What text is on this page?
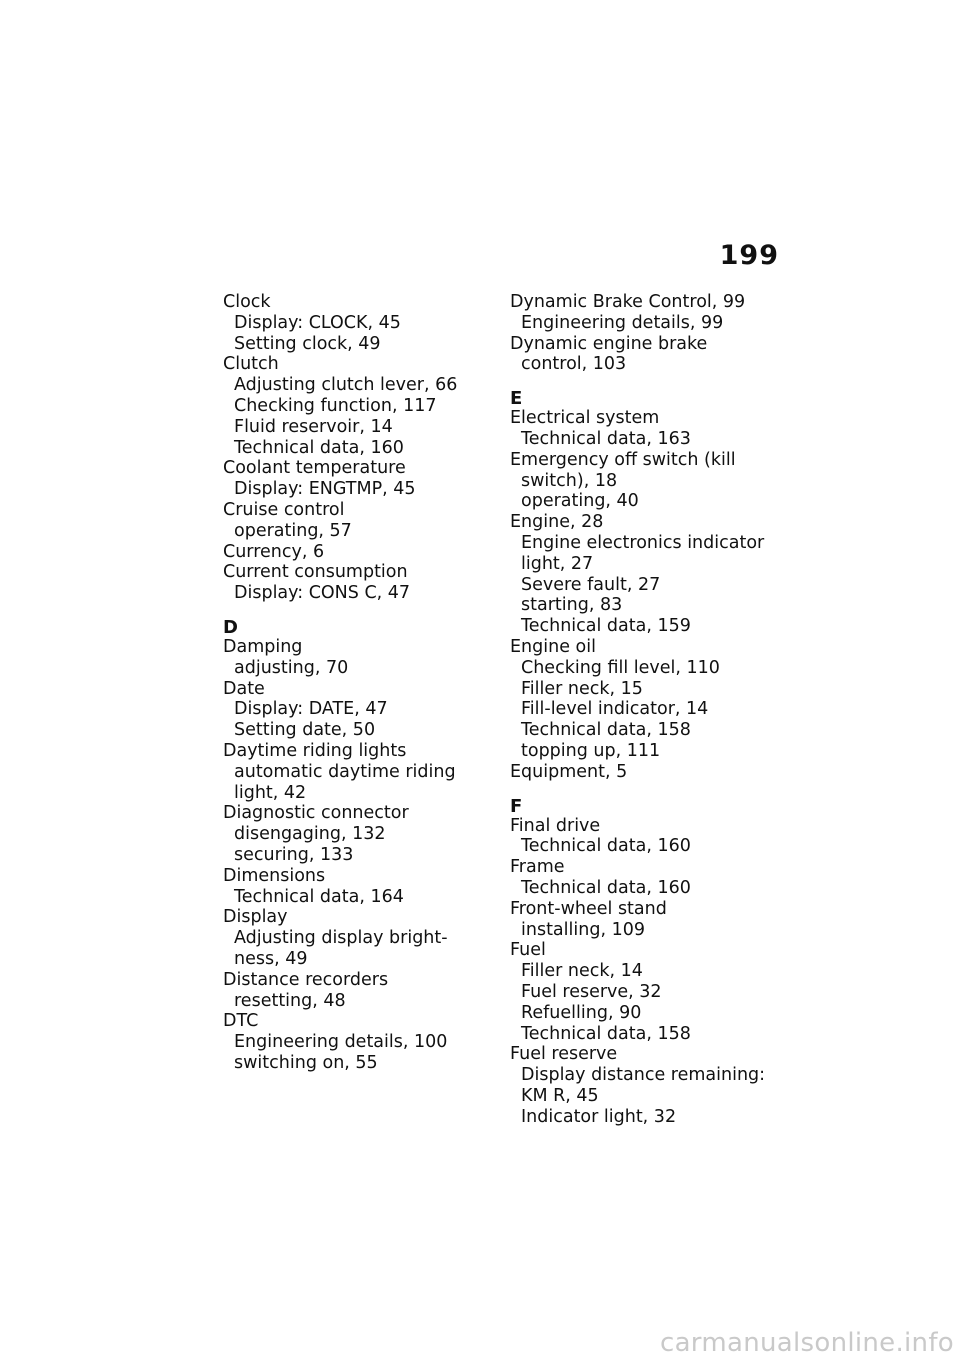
199
Clock
Display: CLOCK, 45
Setting clock, 49
Clutch
Adjusting clutch lever, 66
Checking function, 117
Fluid reservoir, 14
Technical data, 160
Coolant temperature
Display: ENGTMP, 45
Cruise control
operating, 57
Currency, 6
Current consumption
Display: CONS C, 47
D
Damping
adjusting, 70
Date
Display: DATE, 47
Setting date, 50
Daytime riding lights
automatic daytime riding
light, 42
Diagnostic connector
disengaging, 132
securing, 133
Dimensions
Technical data, 164
Display
Adjusting display bright-
ness, 49
Distance recorders
resetting, 48
DTC
Engineering details, 100
switching on, 55
Dynamic Brake Control, 99
Engineering details, 99
Dynamic engine brake
control, 103
E
Electrical system
Technical data, 163
Emergency off switch (kill
switch), 18
operating, 40
Engine, 28
Engine electronics indicator
light, 27
Severe fault, 27
starting, 83
Technical data, 159
Engine oil
Checking fill level, 110
Filler neck, 15
Fill-level indicator, 14
Technical data, 158
topping up, 111
Equipment, 5
F
Final drive
Technical data, 160
Frame
Technical data, 160
Front-wheel stand
installing, 109
Fuel
Filler neck, 14
Fuel reserve, 32
Refuelling, 90
Technical data, 158
Fuel reserve
Display distance remaining:
KM R, 45
Indicator light, 32
carmanualsonline.info
